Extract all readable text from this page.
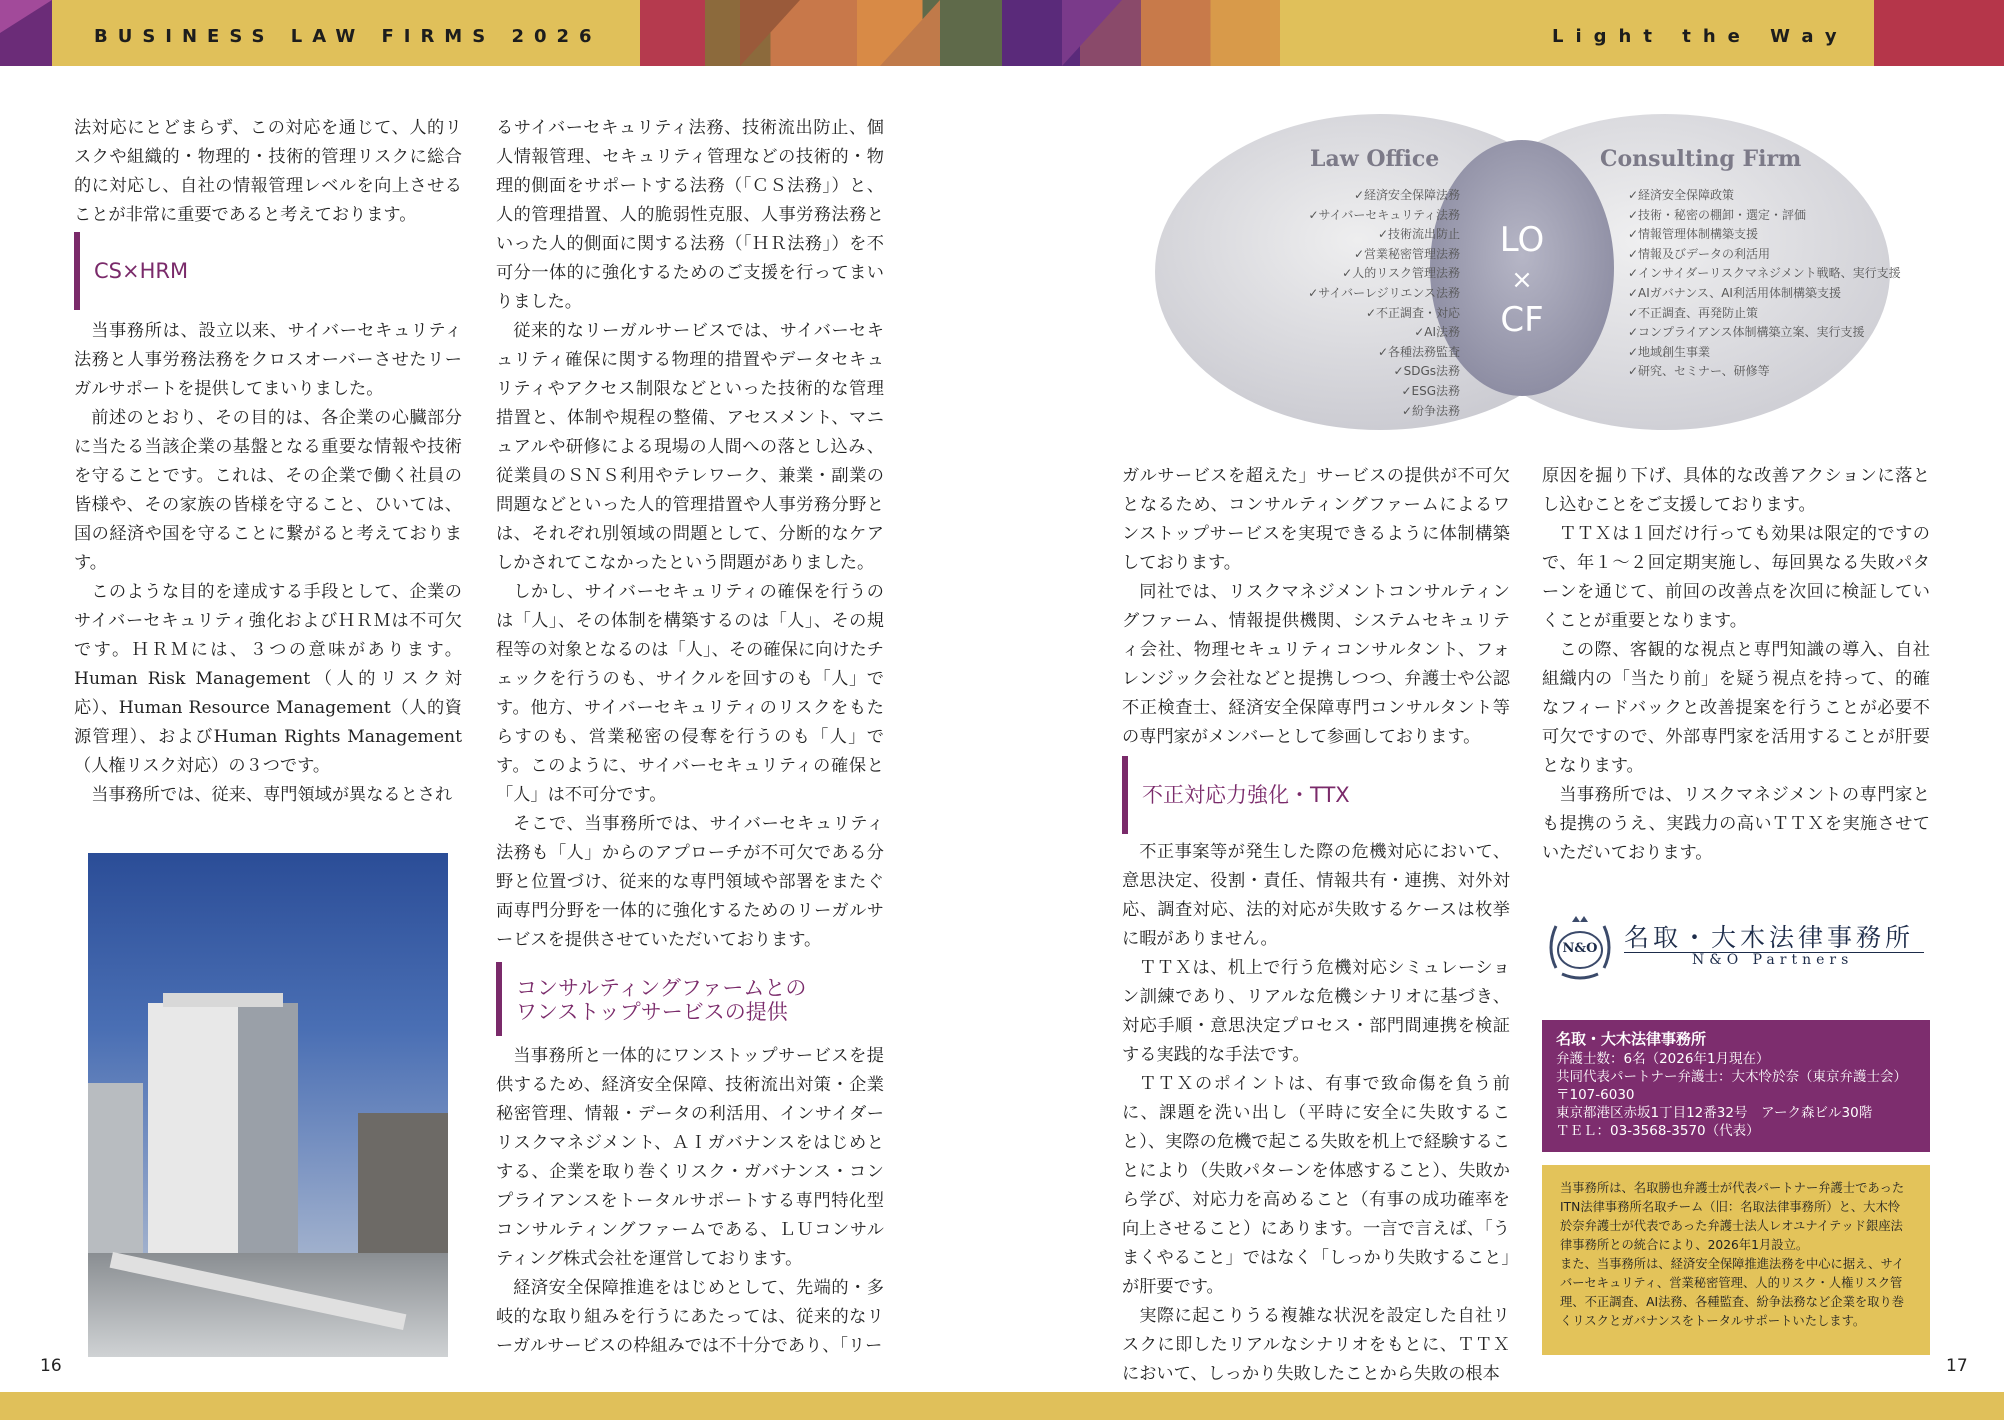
BUSINESS LAW FIRMS 2026	Light the Way

法対応にとどまらず、この対応を通じて、人的リスクや組織的・物理的・技術的管理リスクに総合的に対応し、自社の情報管理レベルを向上させることが非常に重要であると考えております。

CS×HRM

当事務所は、設立以来、サイバーセキュリティ法務と人事労務法務をクロスオーバーさせたリーガルサポートを提供してまいりました。

前述のとおり、その目的は、各企業の心臓部分に当たる当該企業の基盤となる重要な情報や技術を守ることです。これは、その企業で働く社員の皆様や、その家族の皆様を守ること、ひいては、国の経済や国を守ることに繋がると考えております。

このような目的を達成する手段として、企業のサイバーセキュリティ強化およびＨＲＭは不可欠です。ＨＲＭには、３つの意味があります。Human Risk Management（人的リスク対応）、Human Resource Management（人的資源管理）、およびHuman Rights Management（人権リスク対応）の３つです。

当事務所では、従来、専門領域が異なるとされ

るサイバーセキュリティ法務、技術流出防止、個人情報管理、セキュリティ管理などの技術的・物理的側面をサポートする法務（「ＣＳ法務」）と、人的管理措置、人的脆弱性克服、人事労務法務といった人的側面に関する法務（「ＨＲ法務」）を不可分一体的に強化するためのご支援を行ってまいりました。

従来的なリーガルサービスでは、サイバーセキュリティ確保に関する物理的措置やデータセキュリティやアクセス制限などといった技術的な管理措置と、体制や規程の整備、アセスメント、マニュアルや研修による現場の人間への落とし込み、従業員のＳＮＳ利用やテレワーク、兼業・副業の問題などといった人的管理措置や人事労務分野とは、それぞれ別領域の問題として、分断的なケアしかされてこなかったという問題がありました。

しかし、サイバーセキュリティの確保を行うのは「人」、その体制を構築するのは「人」、その規程等の対象となるのは「人」、その確保に向けたチェックを行うのも、サイクルを回すのも「人」です。他方、サイバーセキュリティのリスクをもたらすのも、営業秘密の侵奪を行うのも「人」です。このように、サイバーセキュリティの確保と「人」は不可分です。

そこで、当事務所では、サイバーセキュリティ法務も「人」からのアプローチが不可欠である分野と位置づけ、従来的な専門領域や部署をまたぐ両専門分野を一体的に強化するためのリーガルサービスを提供させていただいております。

コンサルティングファームとの
ワンストップサービスの提供

当事務所と一体的にワンストップサービスを提供するため、経済安全保障、技術流出対策・企業秘密管理、情報・データの利活用、インサイダーリスクマネジメント、ＡＩガバナンスをはじめとする、企業を取り巻くリスク・ガバナンス・コンプライアンスをトータルサポートする専門特化型コンサルティングファームである、ＬＵコンサルティング株式会社を運営しております。

経済安全保障推進をはじめとして、先端的・多岐的な取り組みを行うにあたっては、従来的なリーガルサービスの枠組みでは不十分であり、「リー

Law Office	Consulting Firm
LO
×
CF
✓経済安全保障法務
✓サイバーセキュリティ法務
✓技術流出防止
✓営業秘密管理法務
✓人的リスク管理法務
✓サイバーレジリエンス法務
✓不正調査・対応
✓AI法務
✓各種法務監査
✓SDGs法務
✓ESG法務
✓紛争法務
✓経済安全保障政策
✓技術・秘密の棚卸・選定・評価
✓情報管理体制構築支援
✓情報及びデータの利活用
✓インサイダーリスクマネジメント戦略、実行支援
✓AIガバナンス、AI利活用体制構築支援
✓不正調査、再発防止策
✓コンプライアンス体制構築立案、実行支援
✓地域創生事業
✓研究、セミナー、研修等

ガルサービスを超えた」サービスの提供が不可欠となるため、コンサルティングファームによるワンストップサービスを実現できるように体制構築しております。

同社では、リスクマネジメントコンサルティングファーム、情報提供機関、システムセキュリティ会社、物理セキュリティコンサルタント、フォレンジック会社などと提携しつつ、弁護士や公認不正検査士、経済安全保障専門コンサルタント等の専門家がメンバーとして参画しております。

不正対応力強化・TTX

不正事案等が発生した際の危機対応において、意思決定、役割・責任、情報共有・連携、対外対応、調査対応、法的対応が失敗するケースは枚挙に暇がありません。

ＴＴＸは、机上で行う危機対応シミュレーション訓練であり、リアルな危機シナリオに基づき、対応手順・意思決定プロセス・部門間連携を検証する実践的な手法です。

ＴＴＸのポイントは、有事で致命傷を負う前に、課題を洗い出し（平時に安全に失敗すること）、実際の危機で起こる失敗を机上で経験することにより（失敗パターンを体感すること）、失敗から学び、対応力を高めること（有事の成功確率を向上させること）にあります。一言で言えば、「うまくやること」ではなく「しっかり失敗すること」が肝要です。

実際に起こりうる複雑な状況を設定した自社リスクに即したリアルなシナリオをもとに、ＴＴＸにおいて、しっかり失敗したことから失敗の根本

原因を掘り下げ、具体的な改善アクションに落とし込むことをご支援しております。

ＴＴＸは１回だけ行っても効果は限定的ですので、年１〜２回定期実施し、毎回異なる失敗パターンを通じて、前回の改善点を次回に検証していくことが重要となります。

この際、客観的な視点と専門知識の導入、自社組織内の「当たり前」を疑う視点を持って、的確なフィードバックと改善提案を行うことが必要不可欠ですので、外部専門家を活用することが肝要となります。

当事務所では、リスクマネジメントの専門家とも提携のうえ、実践力の高いＴＴＸを実施させていただいております。

N&O 名取・大木法律事務所
N&O Partners
名取・大木法律事務所
弁護士数：6名（2026年1月現在）
共同代表パートナー弁護士：大木怜於奈（東京弁護士会）
〒107-6030
東京都港区赤坂1丁目12番32号　アーク森ビル30階
ＴＥＬ：03-3568-3570（代表）
当事務所は、名取勝也弁護士が代表パートナー弁護士であったITN法律事務所名取チーム（旧：名取法律事務所）と、大木怜於奈弁護士が代表であった弁護士法人レオユナイテッド銀座法律事務所との統合により、2026年1月設立。
また、当事務所は、経済安全保障推進法務を中心に据え、サイバーセキュリティ、営業秘密管理、人的リスク・人権リスク管理、不正調査、AI法務、各種監査、紛争法務など企業を取り巻くリスクとガバナンスをトータルサポートいたします。
16	17
